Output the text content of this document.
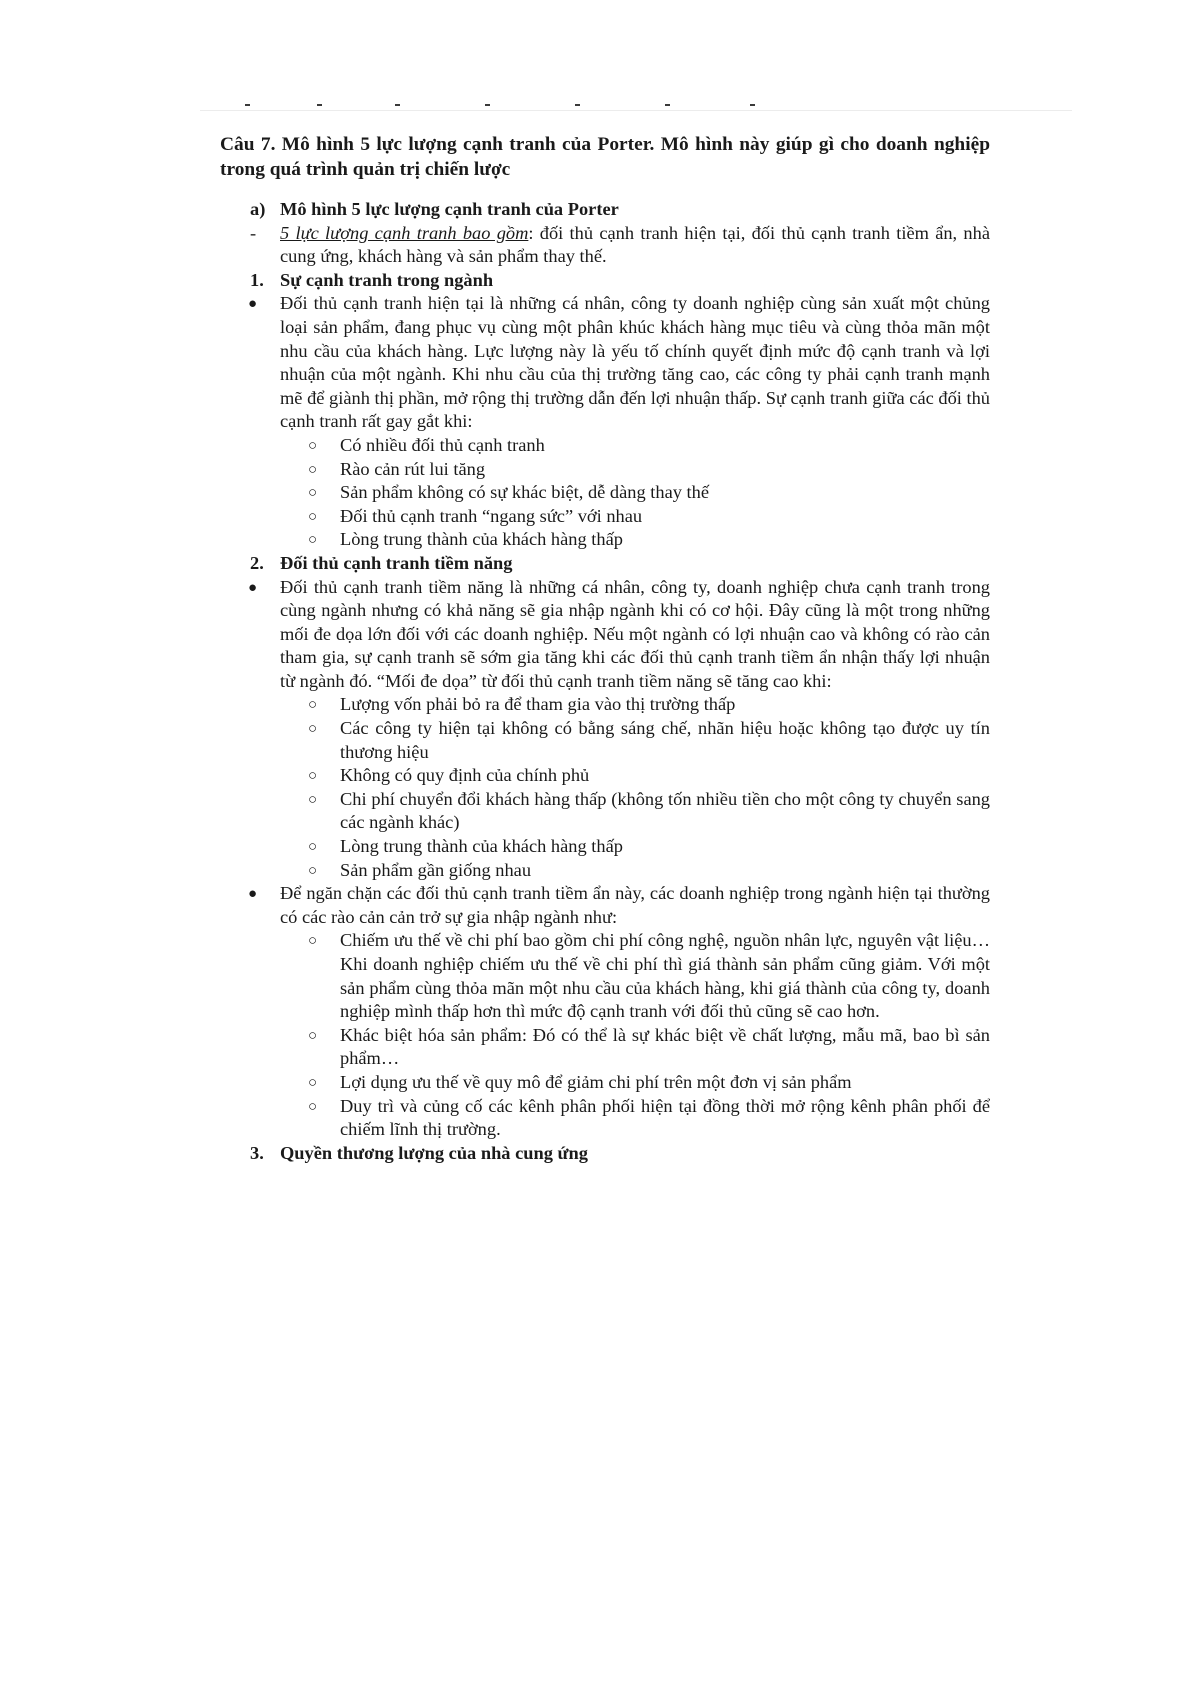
Câu 7. Mô hình 5 lực lượng cạnh tranh của Porter. Mô hình này giúp gì cho doanh nghiệp trong quá trình quản trị chiến lược

a) Mô hình 5 lực lượng cạnh tranh của Porter
- 5 lực lượng cạnh tranh bao gồm: đối thủ cạnh tranh hiện tại, đối thủ cạnh tranh tiềm ẩn, nhà cung ứng, khách hàng và sản phẩm thay thế.
1. Sự cạnh tranh trong ngành
● Đối thủ cạnh tranh hiện tại là những cá nhân, công ty doanh nghiệp cùng sản xuất một chủng loại sản phẩm, đang phục vụ cùng một phân khúc khách hàng mục tiêu và cùng thỏa mãn một nhu cầu của khách hàng. Lực lượng này là yếu tố chính quyết định mức độ cạnh tranh và lợi nhuận của một ngành. Khi nhu cầu của thị trường tăng cao, các công ty phải cạnh tranh mạnh mẽ để giành thị phần, mở rộng thị trường dẫn đến lợi nhuận thấp. Sự cạnh tranh giữa các đối thủ cạnh tranh rất gay gắt khi:
○ Có nhiều đối thủ cạnh tranh
○ Rào cản rút lui tăng
○ Sản phẩm không có sự khác biệt, dễ dàng thay thế
○ Đối thủ cạnh tranh “ngang sức” với nhau
○ Lòng trung thành của khách hàng thấp
2. Đối thủ cạnh tranh tiềm năng
● Đối thủ cạnh tranh tiềm năng là những cá nhân, công ty, doanh nghiệp chưa cạnh tranh trong cùng ngành nhưng có khả năng sẽ gia nhập ngành khi có cơ hội. Đây cũng là một trong những mối đe dọa lớn đối với các doanh nghiệp. Nếu một ngành có lợi nhuận cao và không có rào cản tham gia, sự cạnh tranh sẽ sớm gia tăng khi các đối thủ cạnh tranh tiềm ẩn nhận thấy lợi nhuận từ ngành đó. “Mối đe dọa” từ đối thủ cạnh tranh tiềm năng sẽ tăng cao khi:
○ Lượng vốn phải bỏ ra để tham gia vào thị trường thấp
○ Các công ty hiện tại không có bằng sáng chế, nhãn hiệu hoặc không tạo được uy tín thương hiệu
○ Không có quy định của chính phủ
○ Chi phí chuyển đổi khách hàng thấp (không tốn nhiều tiền cho một công ty chuyển sang các ngành khác)
○ Lòng trung thành của khách hàng thấp
○ Sản phẩm gần giống nhau
● Để ngăn chặn các đối thủ cạnh tranh tiềm ẩn này, các doanh nghiệp trong ngành hiện tại thường có các rào cản cản trở sự gia nhập ngành như:
○ Chiếm ưu thế về chi phí bao gồm chi phí công nghệ, nguồn nhân lực, nguyên vật liệu…Khi doanh nghiệp chiếm ưu thế về chi phí thì giá thành sản phẩm cũng giảm. Với một sản phẩm cùng thỏa mãn một nhu cầu của khách hàng, khi giá thành của công ty, doanh nghiệp mình thấp hơn thì mức độ cạnh tranh với đối thủ cũng sẽ cao hơn.
○ Khác biệt hóa sản phẩm: Đó có thể là sự khác biệt về chất lượng, mẫu mã, bao bì sản phẩm…
○ Lợi dụng ưu thế về quy mô để giảm chi phí trên một đơn vị sản phẩm
○ Duy trì và củng cố các kênh phân phối hiện tại đồng thời mở rộng kênh phân phối để chiếm lĩnh thị trường.
3. Quyền thương lượng của nhà cung ứng
